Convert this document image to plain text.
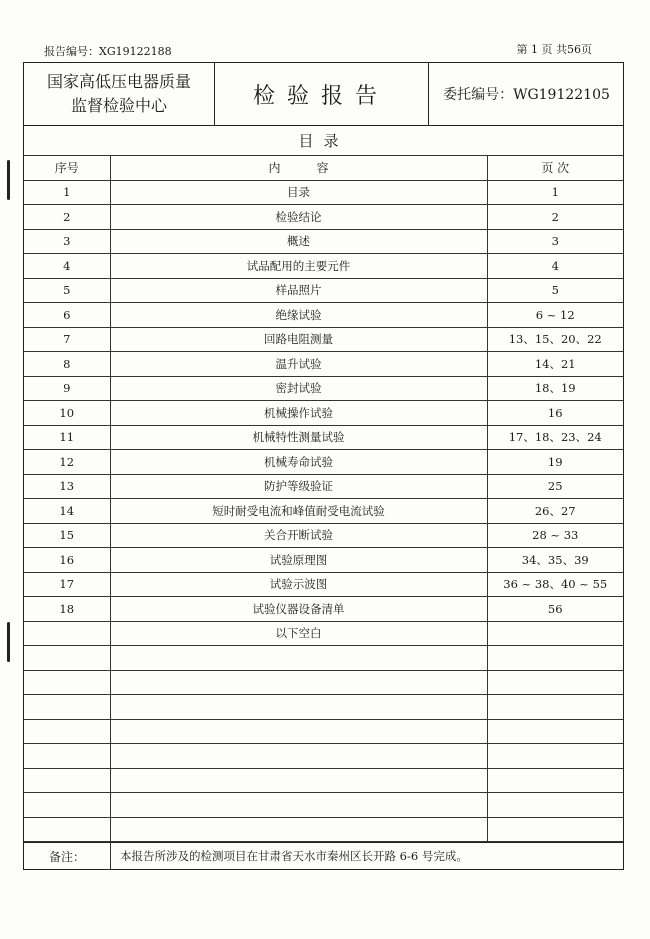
报告编号：XG19122188	第 1 页 共56页
国家高低压电器质量
监督检验中心	检验报告	委托编号：WG19122105
目录
序号	内　　　容	页 次
1	目录	1
2	检验结论	2
3	概述	3
4	试品配用的主要元件	4
5	样品照片	5
6	绝缘试验	6 ~ 12
7	回路电阻测量	13、15、20、22
8	温升试验	14、21
9	密封试验	18、19
10	机械操作试验	16
11	机械特性测量试验	17、18、23、24
12	机械寿命试验	19
13	防护等级验证	25
14	短时耐受电流和峰值耐受电流试验	26、27
15	关合开断试验	28 ~ 33
16	试验原理图	34、35、39
17	试验示波图	36 ~ 38、40 ~ 55
18	试验仪器设备清单	56
	以下空白	

备注：	本报告所涉及的检测项目在甘肃省天水市秦州区长开路 6-6 号完成。
